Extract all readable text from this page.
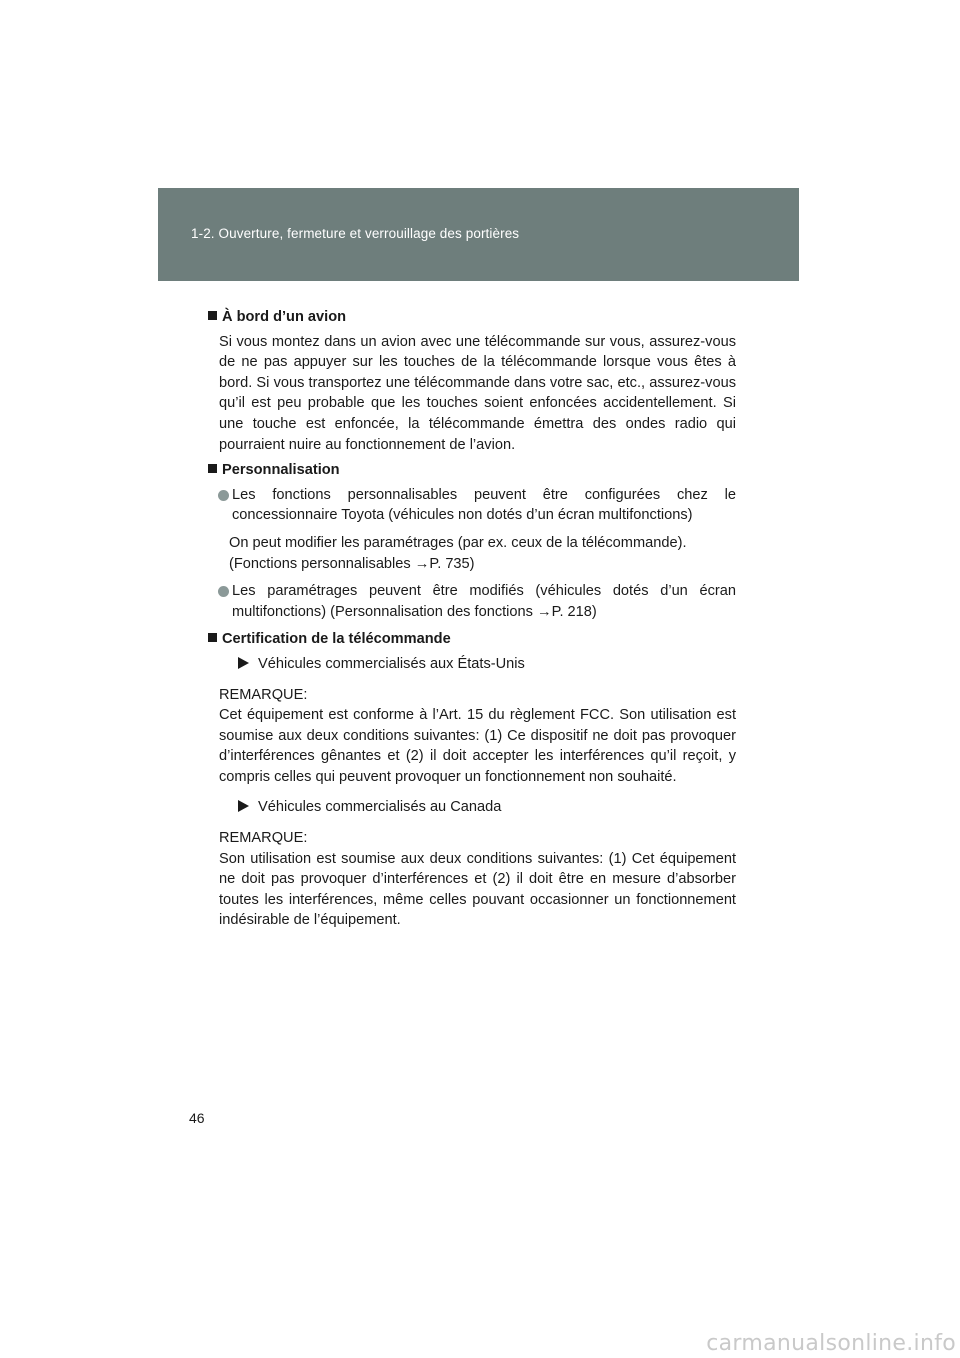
1-2. Ouverture, fermeture et verrouillage des portières
À bord d’un avion

Si vous montez dans un avion avec une télécommande sur vous, assurez-vous de ne pas appuyer sur les touches de la télécommande lorsque vous êtes à bord. Si vous transportez une télécommande dans votre sac, etc., assurez-vous qu’il est peu probable que les touches soient enfoncées accidentellement. Si une touche est enfoncée, la télécommande émettra des ondes radio qui pourraient nuire au fonctionnement de l’avion.

Personnalisation
Les fonctions personnalisables peuvent être configurées chez le concessionnaire Toyota (véhicules non dotés d’un écran multifonctions)
On peut modifier les paramétrages (par ex. ceux de la télécommande).
(Fonctions personnalisables →P. 735)
Les paramétrages peuvent être modifiés (véhicules dotés d’un écran multifonctions) (Personnalisation des fonctions →P. 218)
Certification de la télécommande
Véhicules commercialisés aux États-Unis
REMARQUE:

Cet équipement est conforme à l’Art. 15 du règlement FCC. Son utilisation est soumise aux deux conditions suivantes: (1) Ce dispositif ne doit pas provoquer d’interférences gênantes et (2) il doit accepter les interférences qu’il reçoit, y compris celles qui peuvent provoquer un fonctionnement non souhaité.

Véhicules commercialisés au Canada
REMARQUE:

Son utilisation est soumise aux deux conditions suivantes: (1) Cet équipement ne doit pas provoquer d’interférences et (2) il doit être en mesure d’absorber toutes les interférences, même celles pouvant occasionner un fonctionnement indésirable de l’équipement.

46
carmanualsonline.info
